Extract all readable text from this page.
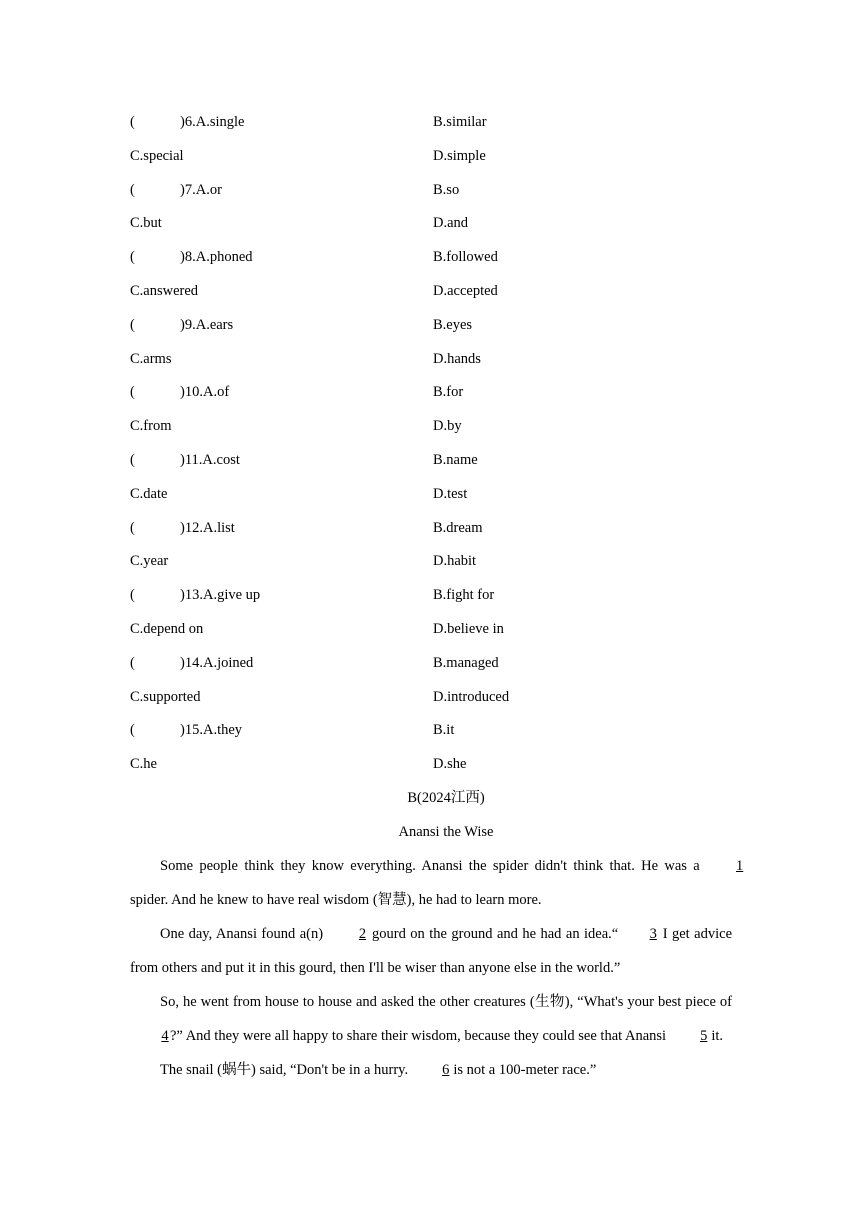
(	)6.A.single	B.similar
C.special	D.simple
(	)7.A.or	B.so
C.but	D.and
(	)8.A.phoned	B.followed
C.answered	D.accepted
(	)9.A.ears	B.eyes
C.arms	D.hands
(	)10.A.of	B.for
C.from	D.by
(	)11.A.cost	B.name
C.date	D.test
(	)12.A.list	B.dream
C.year	D.habit
(	)13.A.give up	B.fight for
C.depend on	D.believe in
(	)14.A.joined	B.managed
C.supported	D.introduced
(	)15.A.they	B.it
C.he	D.she
B(2024江西)
Anansi the Wise

Some people think they know everything. Anansi the spider didn't think that. He was a 1 spider. And he knew to have real wisdom (智慧), he had to learn more.

One day, Anansi found a(n) 2 gourd on the ground and he had an idea.“ 3 I get advice from others and put it in this gourd, then I'll be wiser than anyone else in the world.”

So, he went from house to house and asked the other creatures (生物), “What's your best piece of 4?” And they were all happy to share their wisdom, because they could see that Anansi 5 it.

The snail (蜗牛) said, “Don't be in a hurry. 6 is not a 100-meter race.”
